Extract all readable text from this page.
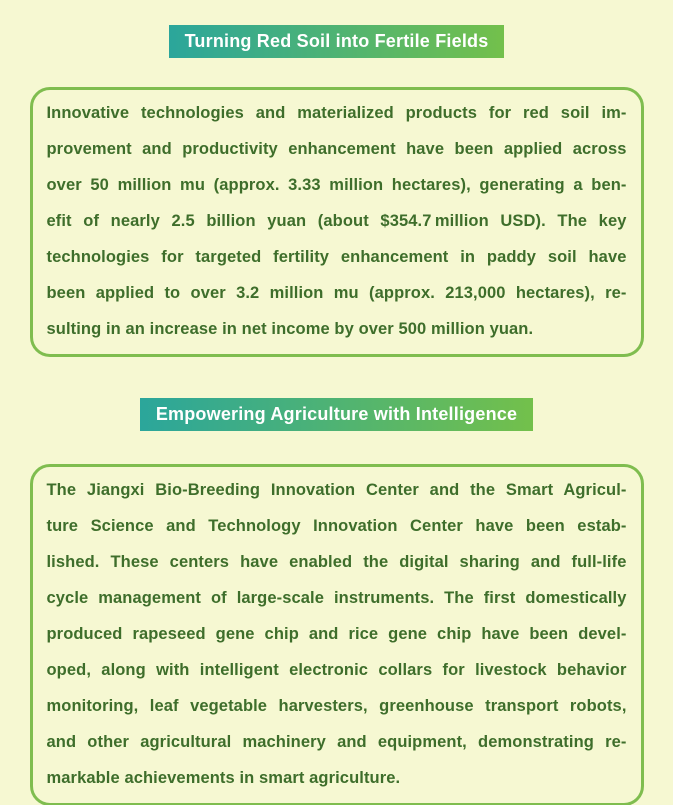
Turning Red Soil into Fertile Fields
Innovative technologies and materialized products for red soil im-
provement and productivity enhancement have been applied across
over 50 million mu (approx. 3.33 million hectares), generating a ben-
efit of nearly 2.5 billion yuan (about $354.7 million USD). The key
technologies for targeted fertility enhancement in paddy soil have
been applied to over 3.2 million mu (approx. 213,000 hectares), re-
sulting in an increase in net income by over 500 million yuan.
Empowering Agriculture with Intelligence
The Jiangxi Bio-Breeding Innovation Center and the Smart Agricul-
ture Science and Technology Innovation Center have been estab-
lished. These centers have enabled the digital sharing and full-life
cycle management of large-scale instruments. The first domestically
produced rapeseed gene chip and rice gene chip have been devel-
oped, along with intelligent electronic collars for livestock behavior
monitoring, leaf vegetable harvesters, greenhouse transport robots,
and other agricultural machinery and equipment, demonstrating re-
markable achievements in smart agriculture.
